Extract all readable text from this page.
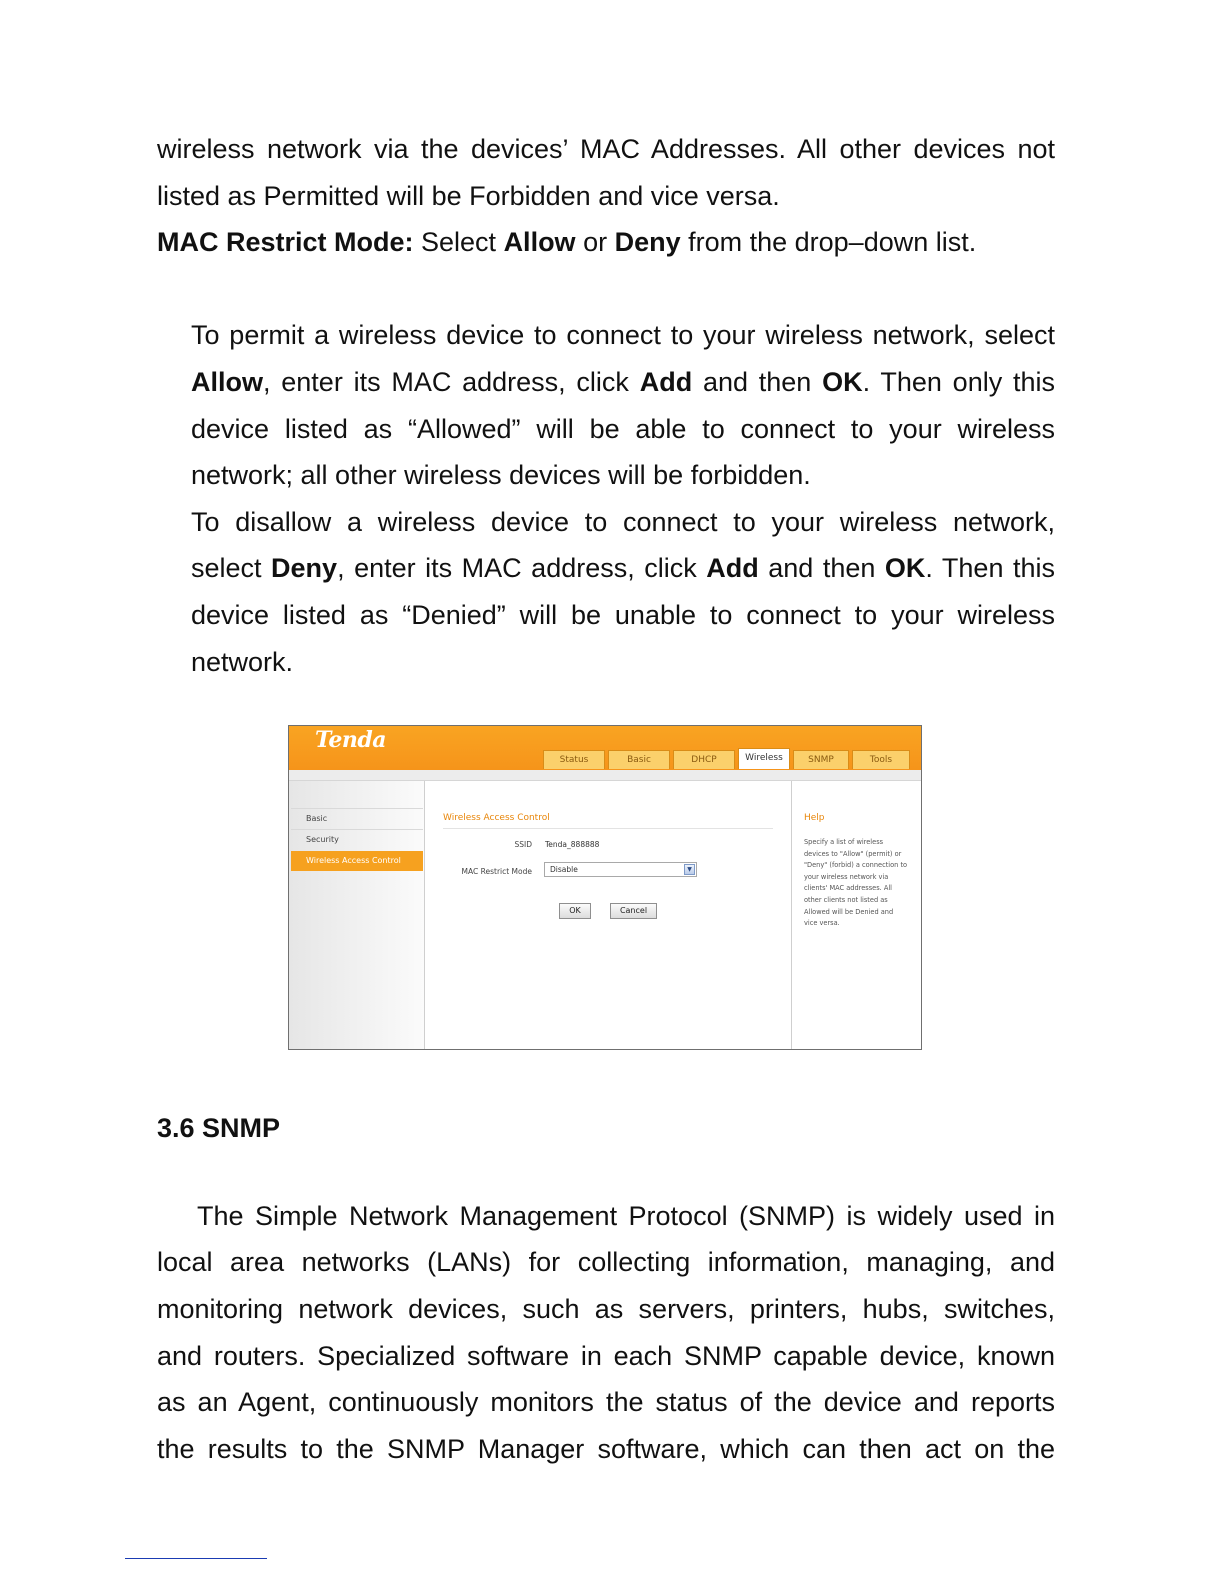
wireless network via the devices’ MAC Addresses. All other devices not
listed as Permitted will be Forbidden and vice versa.
MAC Restrict Mode: Select Allow or Deny from the drop–down list.
To permit a wireless device to connect to your wireless network, select
Allow, enter its MAC address, click Add and then OK. Then only this
device listed as “Allowed” will be able to connect to your wireless
network; all other wireless devices will be forbidden.
To disallow a wireless device to connect to your wireless network,
select Deny, enter its MAC address, click Add and then OK. Then this
device listed as “Denied” will be unable to connect to your wireless
network.
Tenda
Status	Basic	DHCP	Wireless	SNMP	Tools
Basic
Security
Wireless Access Control
Wireless Access Control
SSID Tenda_888888
MAC Restrict Mode	Disable	▼
OK	Cancel
Help
Specify a list of wireless
devices to "Allow" (permit) or
"Deny" (forbid) a connection to
your wireless network via
clients' MAC addresses. All
other clients not listed as
Allowed will be Denied and
vice versa.
3.6 SNMP
The Simple Network Management Protocol (SNMP) is widely used in
local area networks (LANs) for collecting information, managing, and
monitoring network devices, such as servers, printers, hubs, switches,
and routers. Specialized software in each SNMP capable device, known
as an Agent, continuously monitors the status of the device and reports
the results to the SNMP Manager software, which can then act on the
